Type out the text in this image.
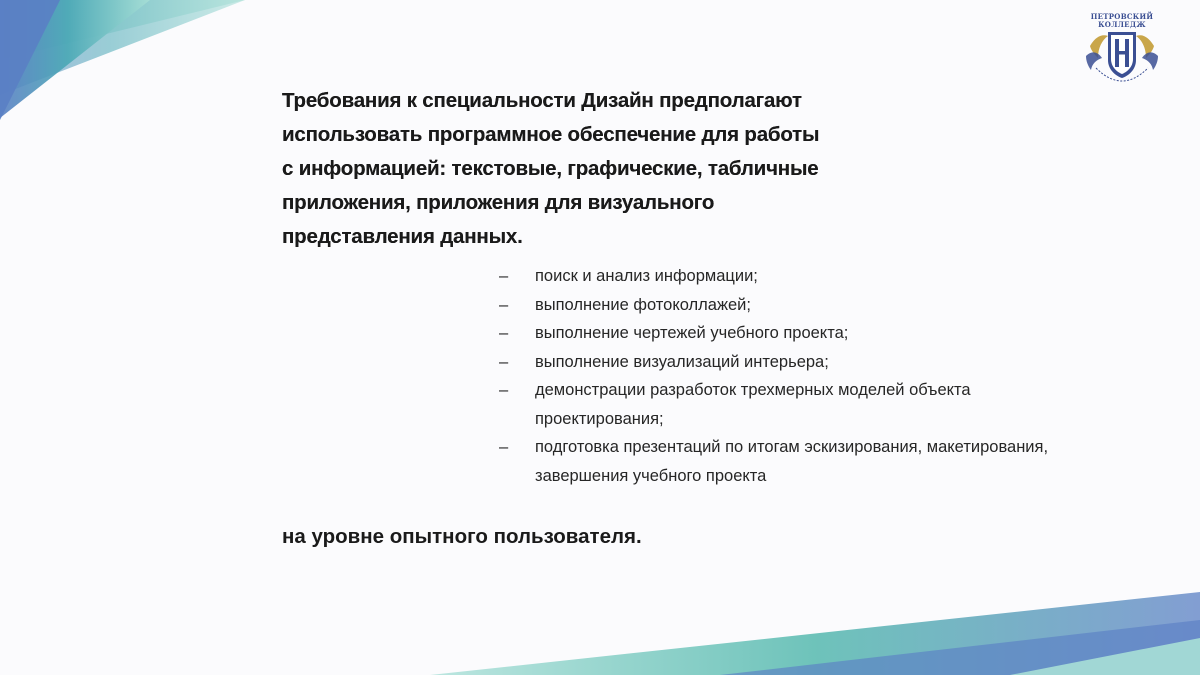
ПЕТРОВСКИЙ
КОЛЛЕДЖ
Требования к специальности Дизайн предполагают
использовать программное обеспечение для работы
с информацией: текстовые, графические, табличные
приложения, приложения для визуального
представления данных.
– поиск и анализ информации;
– выполнение фотоколлажей;
– выполнение чертежей учебного проекта;
– выполнение визуализаций интерьера;
– демонстрации разработок трехмерных моделей объекта проектирования;
– подготовка презентаций по итогам эскизирования, макетирования, завершения учебного проекта
на уровне опытного пользователя.
